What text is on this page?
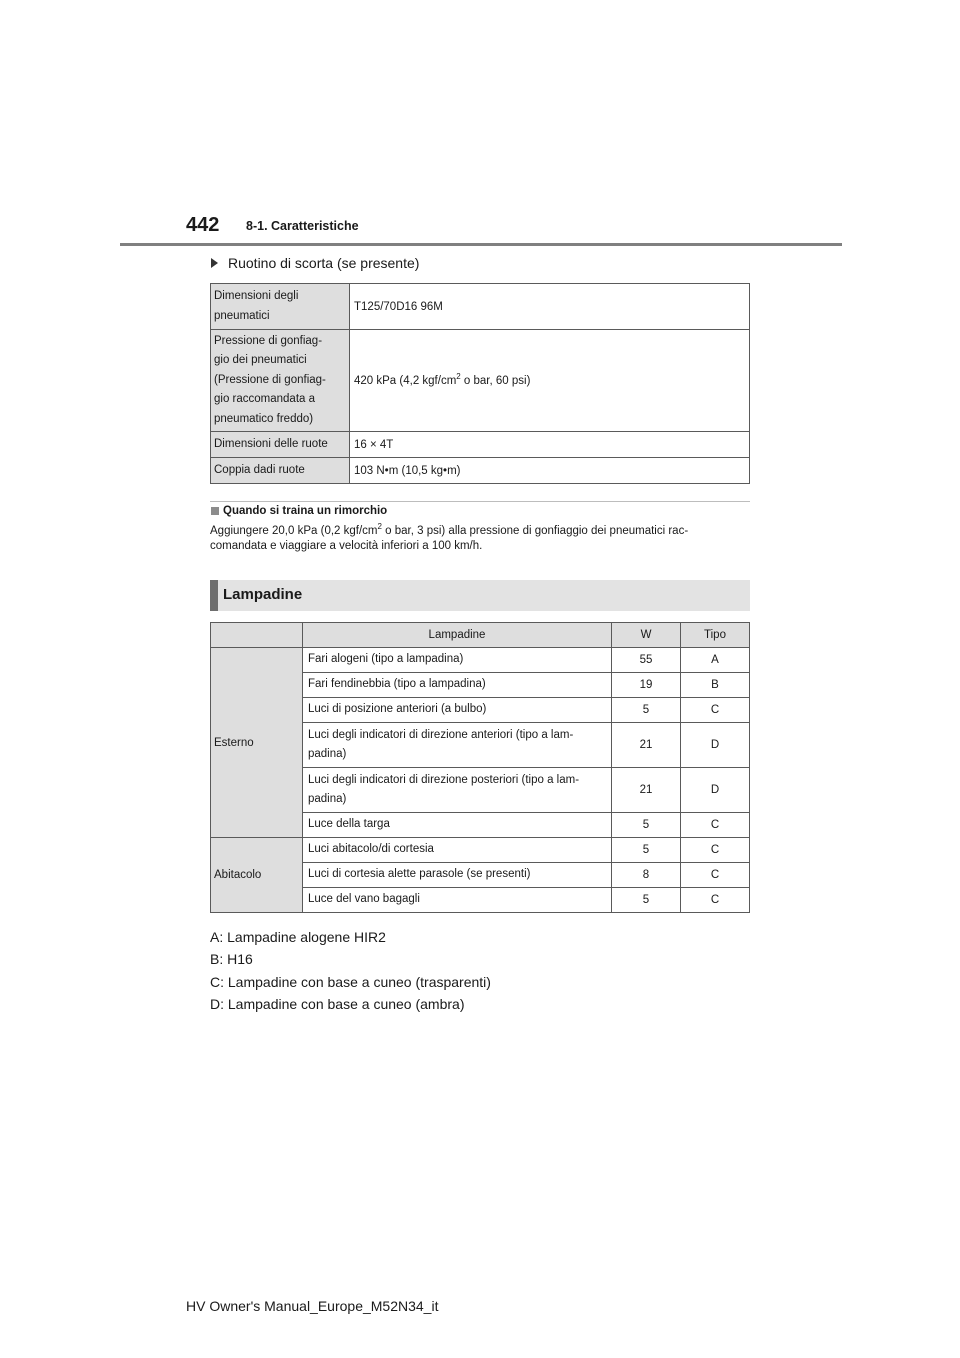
442 8-1. Caratteristiche
Ruotino di scorta (se presente)
Dimensioni degli
pneumatici	T125/70D16 96M

Pressione di gonfiag-
gio dei pneumatici
(Pressione di gonfiag-
gio raccomandata a
pneumatico freddo)	420 kPa (4,2 kgf/$cm^2$ o bar, 60 psi)
Dimensioni delle ruote	16 × 4T
Coppia dadi ruote	103 N•m (10,5 kg•m)
Quando si traina un rimorchio
Aggiungere 20,0 kPa (0,2 kgf/$cm^2$ o bar, 3 psi) alla pressione di gonfiaggio dei pneumatici rac-
comandata e viaggiare a velocità inferiori a 100 km/h.
Lampadine
	Lampadine	W	Tipo
Esterno	Fari alogeni (tipo a lampadina)	55	A
	Fari fendinebbia (tipo a lampadina)	19	B
	Luci di posizione anteriori (a bulbo)	5	C

	Luci degli indicatori di direzione anteriori (tipo a lam-
padina)	21	D

	Luci degli indicatori di direzione posteriori (tipo a lam-
padina)	21	D
	Luce della targa	5	C
Abitacolo	Luci abitacolo/di cortesia	5	C
	Luci di cortesia alette parasole (se presenti)	8	C
	Luce del vano bagagli	5	C
A: Lampadine alogene HIR2
B: H16
C: Lampadine con base a cuneo (trasparenti)
D: Lampadine con base a cuneo (ambra)
HV Owner's Manual_Europe_M52N34_it
